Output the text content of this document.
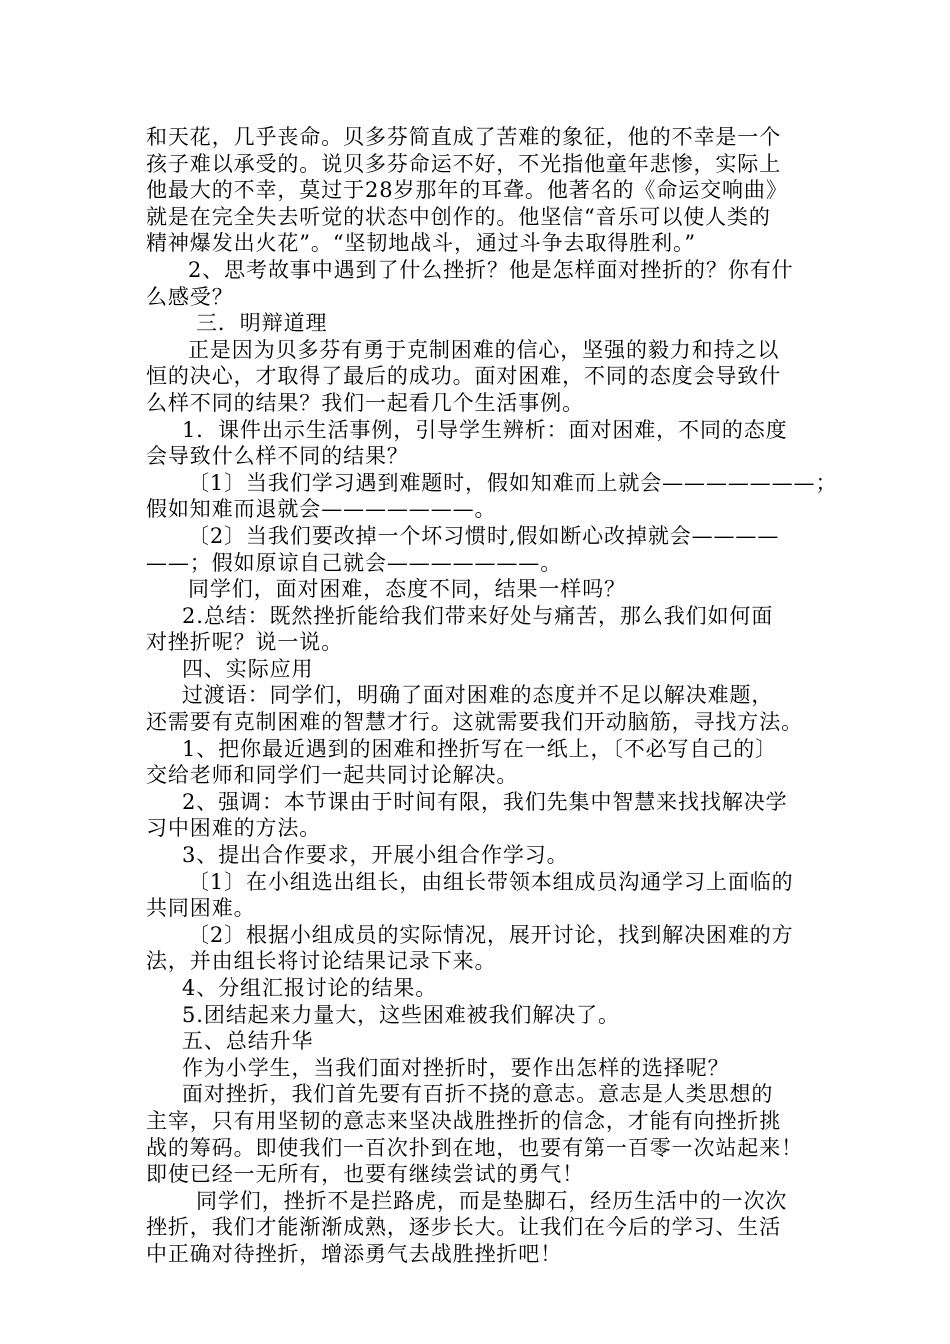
和天花，几乎丧命。贝多芬简直成了苦难的象征，他的不幸是一个
孩子难以承受的。说贝多芬命运不好，不光指他童年悲惨，实际上
他最大的不幸，莫过于28岁那年的耳聋。他著名的《命运交响曲》
就是在完全失去听觉的状态中创作的。他坚信“音乐可以使人类的
精神爆发出火花”。“坚韧地战斗，通过斗争去取得胜利。”
2、思考故事中遇到了什么挫折？他是怎样面对挫折的？你有什
么感受？
三．明辩道理
正是因为贝多芬有勇于克制困难的信心，坚强的毅力和持之以
恒的决心，才取得了最后的成功。面对困难，不同的态度会导致什
么样不同的结果？我们一起看几个生活事例。
1．课件出示生活事例，引导学生辨析：面对困难，不同的态度
会导致什么样不同的结果？
〔1〕当我们学习遇到难题时，假如知难而上就会———————；
假如知难而退就会———————。
〔2〕当我们要改掉一个坏习惯时,假如断心改掉就会————
——；假如原谅自己就会———————。
同学们，面对困难，态度不同，结果一样吗？
2.总结：既然挫折能给我们带来好处与痛苦，那么我们如何面
对挫折呢？说一说。
四、实际应用
过渡语：同学们，明确了面对困难的态度并不足以解决难题，
还需要有克制困难的智慧才行。这就需要我们开动脑筋，寻找方法。
1、把你最近遇到的困难和挫折写在一纸上，〔不必写自己的〕
交给老师和同学们一起共同讨论解决。
2、强调：本节课由于时间有限，我们先集中智慧来找找解决学
习中困难的方法。
3、提出合作要求，开展小组合作学习。
〔1〕在小组选出组长，由组长带领本组成员沟通学习上面临的
共同困难。
〔2〕根据小组成员的实际情况，展开讨论，找到解决困难的方
法，并由组长将讨论结果记录下来。
4、分组汇报讨论的结果。
5.团结起来力量大，这些困难被我们解决了。
五、总结升华
作为小学生，当我们面对挫折时，要作出怎样的选择呢？
面对挫折，我们首先要有百折不挠的意志。意志是人类思想的
主宰，只有用坚韧的意志来坚决战胜挫折的信念，才能有向挫折挑
战的筹码。即使我们一百次扑到在地，也要有第一百零一次站起来！
即使已经一无所有，也要有继续尝试的勇气！
同学们，挫折不是拦路虎，而是垫脚石，经历生活中的一次次
挫折，我们才能渐渐成熟，逐步长大。让我们在今后的学习、生活
中正确对待挫折，增添勇气去战胜挫折吧！
